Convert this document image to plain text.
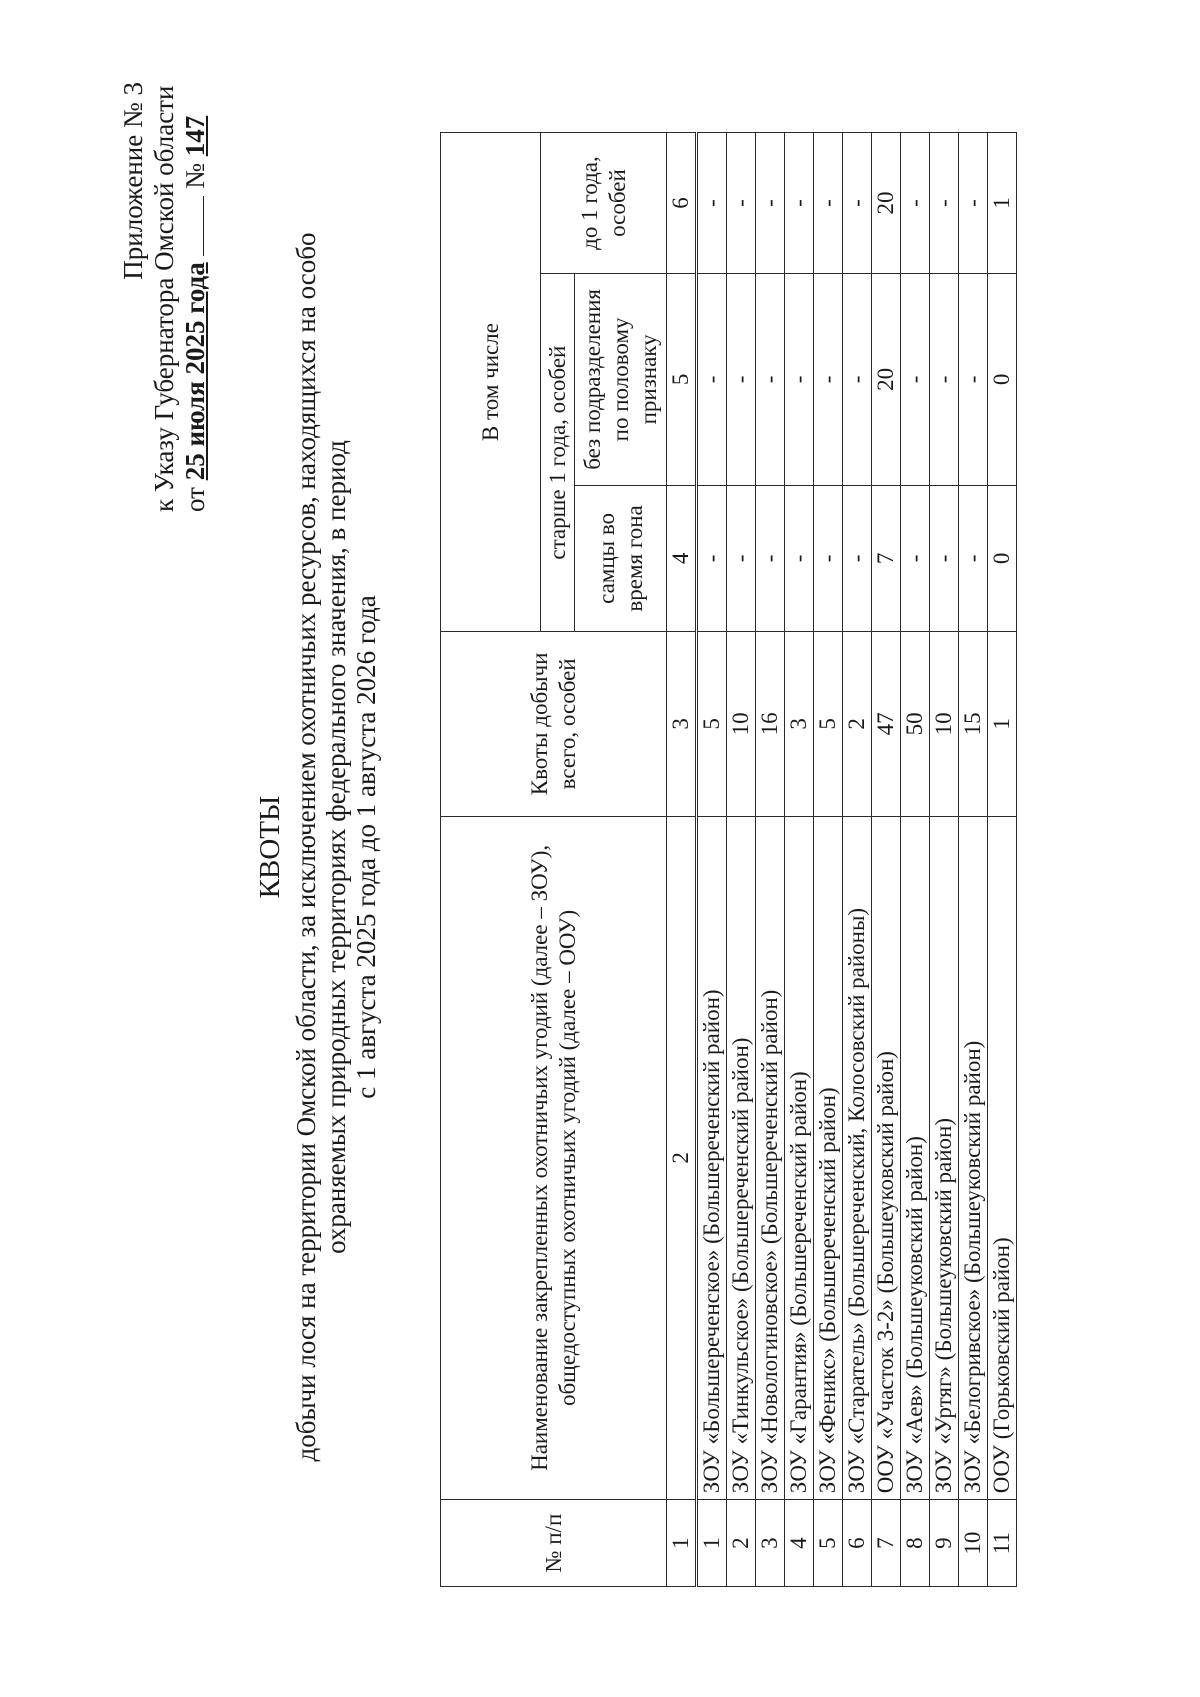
Приложение № 3 к Указу Губернатора Омской области от 25 июля 2025 года  № 147
КВОТЫ добычи лося на территории Омской области, за исключением охотничьих ресурсов, находящихся на особо охраняемых природных территориях федерального значения, в период с 1 августа 2025 года до 1 августа 2026 года
№ п/п	Наименование закрепленных охотничьих угодий (далее – ЗОУ), общедоступных охотничьих угодий (далее – ООУ)	Квоты добычи всего, особей	В том числе		
			старше 1 года, особей		до 1 года, особей
			самцы во время гона	без подразделения по половому признаку	
1	2	3	4	5	6
1	ЗОУ «Большереченское» (Большереченский район)	5	-	-	-
2	ЗОУ «Тинкульское» (Большереченский район)	10	-	-	-
3	ЗОУ «Новологиновское» (Большереченский район)	16	-	-	-
4	ЗОУ «Гарантия» (Большереченский район)	3	-	-	-
5	ЗОУ «Феникс» (Большереченский район)	5	-	-	-
6	ЗОУ «Старатель» (Большереченский, Колосовский районы)	2	-	-	-
7	ООУ «Участок 3-2» (Большеуковский район)	47	7	20	20
8	ЗОУ «Аев» (Большеуковский район)	50	-	-	-
9	ЗОУ «Уртяг» (Большеуковский район)	10	-	-	-
10	ЗОУ «Белогривское» (Большеуковский район)	15	-	-	-
11	ООУ (Горьковский район)	1	0	0	1
